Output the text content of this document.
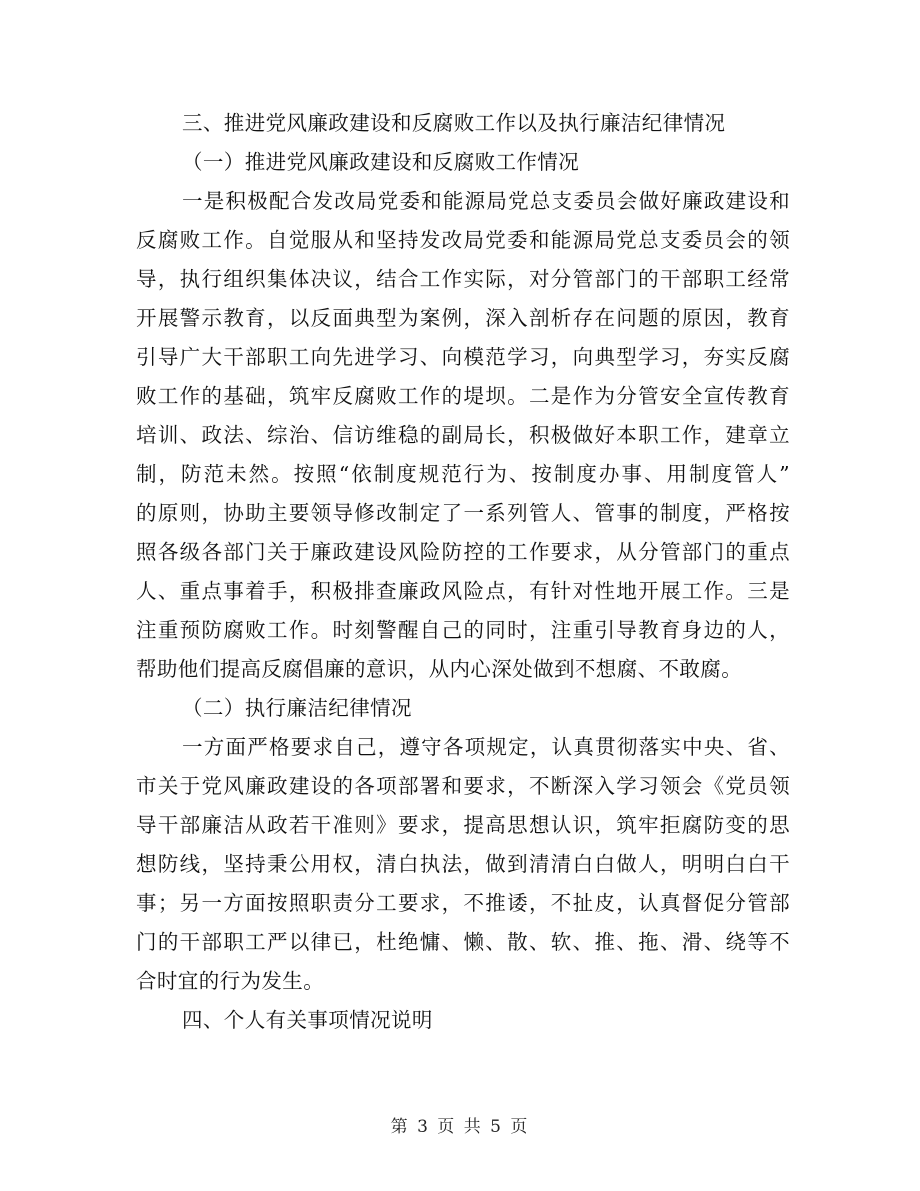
三、推进党风廉政建设和反腐败工作以及执行廉洁纪律情况
（一）推进党风廉政建设和反腐败工作情况
一是积极配合发改局党委和能源局党总支委员会做好廉政建设和
反腐败工作。自觉服从和坚持发改局党委和能源局党总支委员会的领
导，执行组织集体决议，结合工作实际，对分管部门的干部职工经常
开展警示教育，以反面典型为案例，深入剖析存在问题的原因，教育
引导广大干部职工向先进学习、向模范学习，向典型学习，夯实反腐
败工作的基础，筑牢反腐败工作的堤坝。二是作为分管安全宣传教育
培训、政法、综治、信访维稳的副局长，积极做好本职工作，建章立
制，防范未然。按照“依制度规范行为、按制度办事、用制度管人”
的原则，协助主要领导修改制定了一系列管人、管事的制度，严格按
照各级各部门关于廉政建设风险防控的工作要求，从分管部门的重点
人、重点事着手，积极排查廉政风险点，有针对性地开展工作。三是
注重预防腐败工作。时刻警醒自己的同时，注重引导教育身边的人，
帮助他们提高反腐倡廉的意识，从内心深处做到不想腐、不敢腐。
（二）执行廉洁纪律情况
一方面严格要求自己，遵守各项规定，认真贯彻落实中央、省、
市关于党风廉政建设的各项部署和要求，不断深入学习领会《党员领
导干部廉洁从政若干准则》要求，提高思想认识，筑牢拒腐防变的思
想防线，坚持秉公用权，清白执法，做到清清白白做人，明明白白干
事；另一方面按照职责分工要求，不推诿，不扯皮，认真督促分管部
门的干部职工严以律已，杜绝慵、懒、散、软、推、拖、滑、绕等不
合时宜的行为发生。
四、个人有关事项情况说明
第 3 页 共 5 页
